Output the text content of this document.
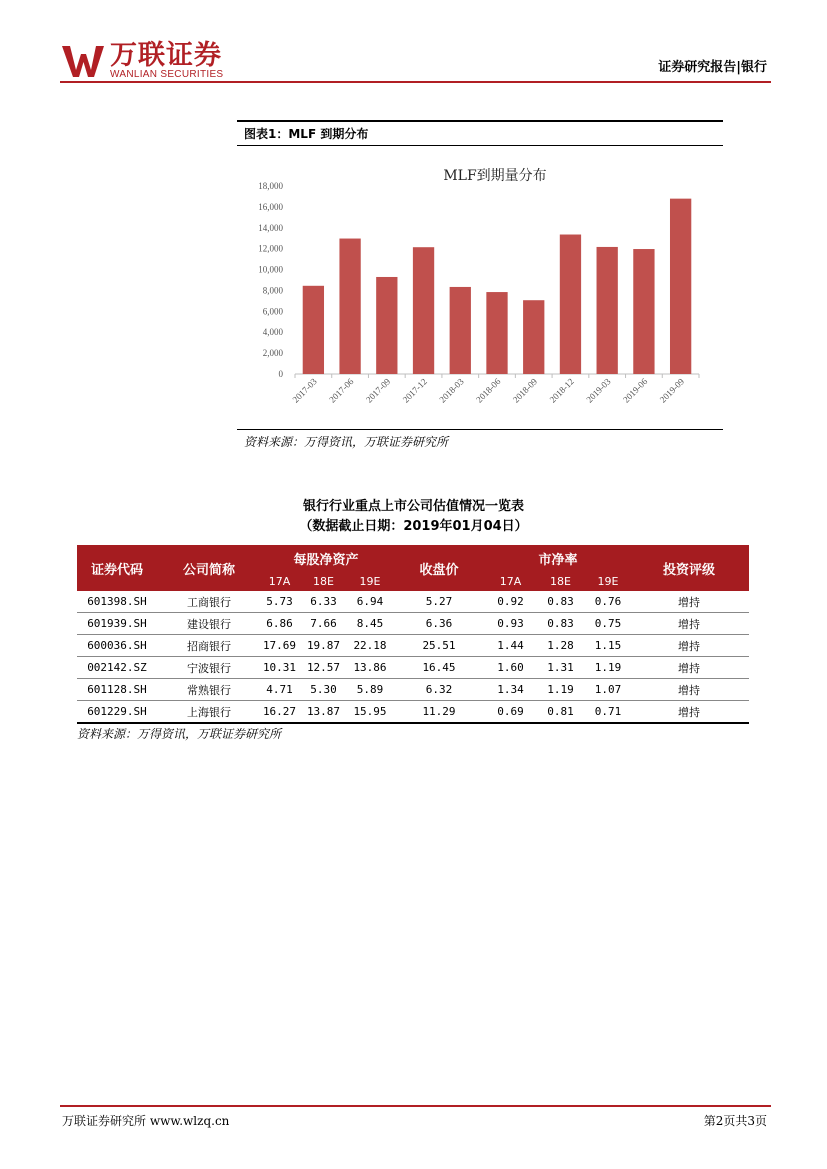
万联证券
WANLIAN SECURITIES	证券研究报告|银行
图表1：MLF 到期分布
MLF到期量分布
0
2,000
4,000
6,000
8,000
10,000
12,000
14,000
16,000
18,000
2017-03 2017-06 2017-09 2017-12 2018-03 2018-06 2018-09 2018-12 2019-03 2019-06 2019-09
资料来源：万得资讯，万联证券研究所
银行行业重点上市公司估值情况一览表
（数据截止日期：2019年01月04日）
证券代码	公司简称	每股净资产			收盘价	市净率			投资评级
		17A	18E	19E		17A	18E	19E	
601398.SH	工商银行	5.73	6.33	6.94	5.27	0.92	0.83	0.76	增持
601939.SH	建设银行	6.86	7.66	8.45	6.36	0.93	0.83	0.75	增持
600036.SH	招商银行	17.69	19.87	22.18	25.51	1.44	1.28	1.15	增持
002142.SZ	宁波银行	10.31	12.57	13.86	16.45	1.60	1.31	1.19	增持
601128.SH	常熟银行	4.71	5.30	5.89	6.32	1.34	1.19	1.07	增持
601229.SH	上海银行	16.27	13.87	15.95	11.29	0.69	0.81	0.71	增持
资料来源：万得资讯，万联证券研究所
万联证券研究所 www.wlzq.cn	第2页共3页
